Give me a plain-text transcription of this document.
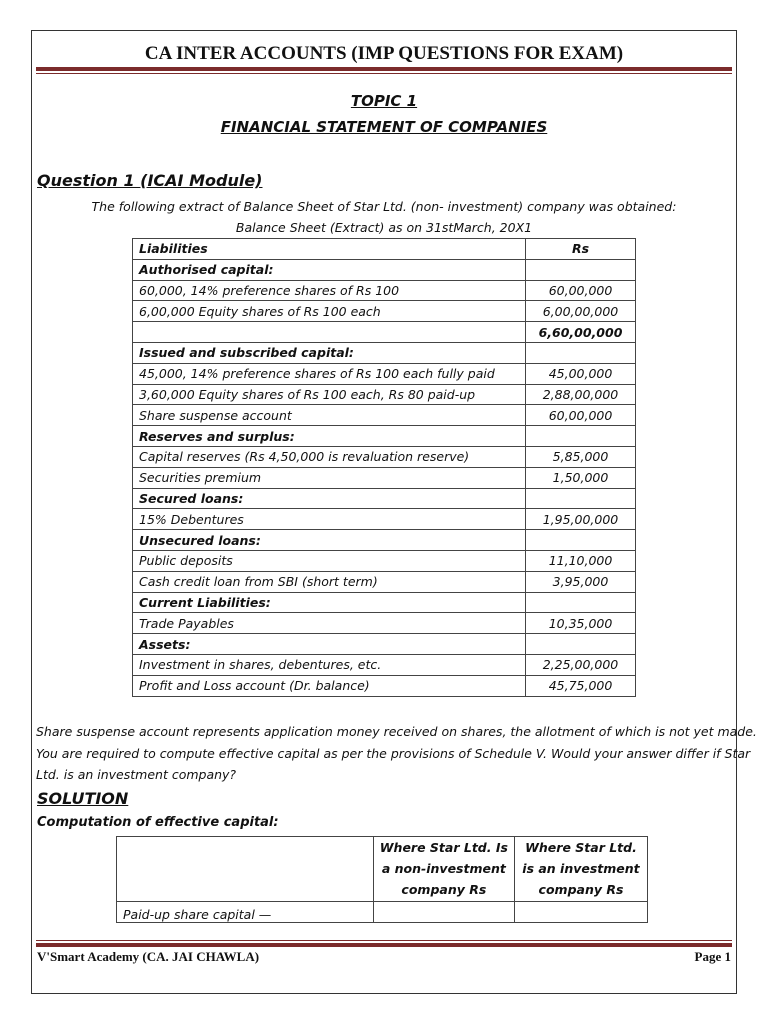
CA INTER ACCOUNTS (IMP QUESTIONS FOR EXAM)
TOPIC 1
FINANCIAL STATEMENT OF COMPANIES
Question 1 (ICAI Module)
The following extract of Balance Sheet of Star Ltd. (non- investment) company was obtained:
Balance Sheet (Extract) as on 31stMarch, 20X1
Liabilities	Rs
Authorised capital:	
60,000, 14% preference shares of Rs 100	60,00,000
6,00,000 Equity shares of Rs 100 each	6,00,00,000
	6,60,00,000
Issued and subscribed capital:	
45,000, 14% preference shares of Rs 100 each fully paid	45,00,000
3,60,000 Equity shares of Rs 100 each, Rs 80 paid-up	2,88,00,000
Share suspense account	60,00,000
Reserves and surplus:	
Capital reserves (Rs 4,50,000 is revaluation reserve)	5,85,000
Securities premium	1,50,000
Secured loans:	
15% Debentures	1,95,00,000
Unsecured loans:	
Public deposits	11,10,000
Cash credit loan from SBI (short term)	3,95,000
Current Liabilities:	
Trade Payables	10,35,000
Assets:	
Investment in shares, debentures, etc.	2,25,00,000
Profit and Loss account (Dr. balance)	45,75,000
Share suspense account represents application money received on shares, the allotment of which is not yet made.
You are required to compute effective capital as per the provisions of Schedule V. Would your answer differ if Star
Ltd. is an investment company?
SOLUTION
Computation of effective capital:
	Where Star Ltd. Is a non-investment company Rs	Where Star Ltd. is an investment company Rs
Paid-up share capital —		
V'Smart Academy (CA. JAI CHAWLA)	Page 1
